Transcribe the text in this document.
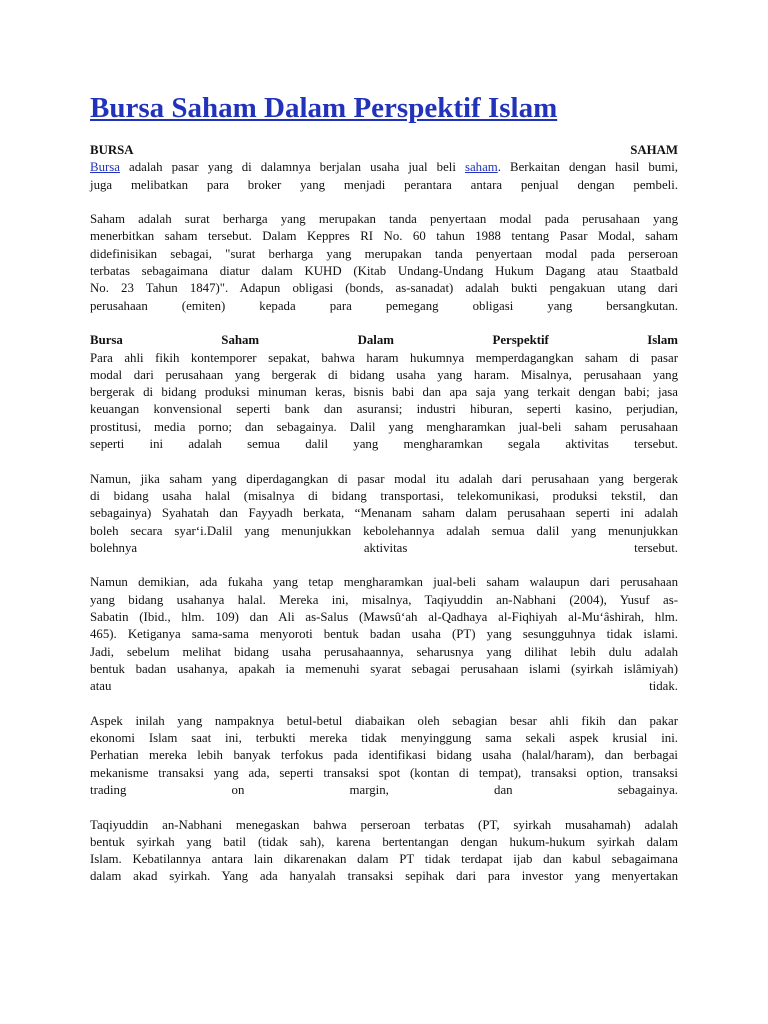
Bursa Saham Dalam Perspektif Islam
BURSA	SAHAM
Bursa adalah pasar yang di dalamnya berjalan usaha jual beli saham. Berkaitan dengan hasil bumi,
juga melibatkan para broker yang menjadi perantara antara penjual dengan pembeli.
Saham adalah surat berharga yang merupakan tanda penyertaan modal pada perusahaan yang
menerbitkan saham tersebut. Dalam Keppres RI No. 60 tahun 1988 tentang Pasar Modal, saham
didefinisikan sebagai, "surat berharga yang merupakan tanda penyertaan modal pada perseroan
terbatas sebagaimana diatur dalam KUHD (Kitab Undang-Undang Hukum Dagang atau Staatbald
No. 23 Tahun 1847)". Adapun obligasi (bonds, as-sanadat) adalah bukti pengakuan utang dari
perusahaan (emiten) kepada para pemegang obligasi yang bersangkutan.
Bursa Saham Dalam Perspektif Islam
Para ahli fikih kontemporer sepakat, bahwa haram hukumnya memperdagangkan saham di pasar
modal dari perusahaan yang bergerak di bidang usaha yang haram. Misalnya, perusahaan yang
bergerak di bidang produksi minuman keras, bisnis babi dan apa saja yang terkait dengan babi; jasa
keuangan konvensional seperti bank dan asuransi; industri hiburan, seperti kasino, perjudian,
prostitusi, media porno; dan sebagainya. Dalil yang mengharamkan jual-beli saham perusahaan
seperti ini adalah semua dalil yang mengharamkan segala aktivitas tersebut.
Namun, jika saham yang diperdagangkan di pasar modal itu adalah dari perusahaan yang bergerak
di bidang usaha halal (misalnya di bidang transportasi, telekomunikasi, produksi tekstil, dan
sebagainya) Syahatah dan Fayyadh berkata, “Menanam saham dalam perusahaan seperti ini adalah
boleh secara syar‘i.Dalil yang menunjukkan kebolehannya adalah semua dalil yang menunjukkan
bolehnya aktivitas tersebut.
Namun demikian, ada fukaha yang tetap mengharamkan jual-beli saham walaupun dari perusahaan
yang bidang usahanya halal. Mereka ini, misalnya, Taqiyuddin an-Nabhani (2004), Yusuf as-
Sabatin (Ibid., hlm. 109) dan Ali as-Salus (Mawsû‘ah al-Qadhaya al-Fiqhiyah al-Mu‘âshirah, hlm.
465). Ketiganya sama-sama menyoroti bentuk badan usaha (PT) yang sesungguhnya tidak islami.
Jadi, sebelum melihat bidang usaha perusahaannya, seharusnya yang dilihat lebih dulu adalah
bentuk badan usahanya, apakah ia memenuhi syarat sebagai perusahaan islami (syirkah islâmiyah)
atau tidak.
Aspek inilah yang nampaknya betul-betul diabaikan oleh sebagian besar ahli fikih dan pakar
ekonomi Islam saat ini, terbukti mereka tidak menyinggung sama sekali aspek krusial ini.
Perhatian mereka lebih banyak terfokus pada identifikasi bidang usaha (halal/haram), dan berbagai
mekanisme transaksi yang ada, seperti transaksi spot (kontan di tempat), transaksi option, transaksi
trading on margin, dan sebagainya.
Taqiyuddin an-Nabhani menegaskan bahwa perseroan terbatas (PT, syirkah musahamah) adalah
bentuk syirkah yang batil (tidak sah), karena bertentangan dengan hukum-hukum syirkah dalam
Islam. Kebatilannya antara lain dikarenakan dalam PT tidak terdapat ijab dan kabul sebagaimana
dalam akad syirkah. Yang ada hanyalah transaksi sepihak dari para investor yang menyertakan
